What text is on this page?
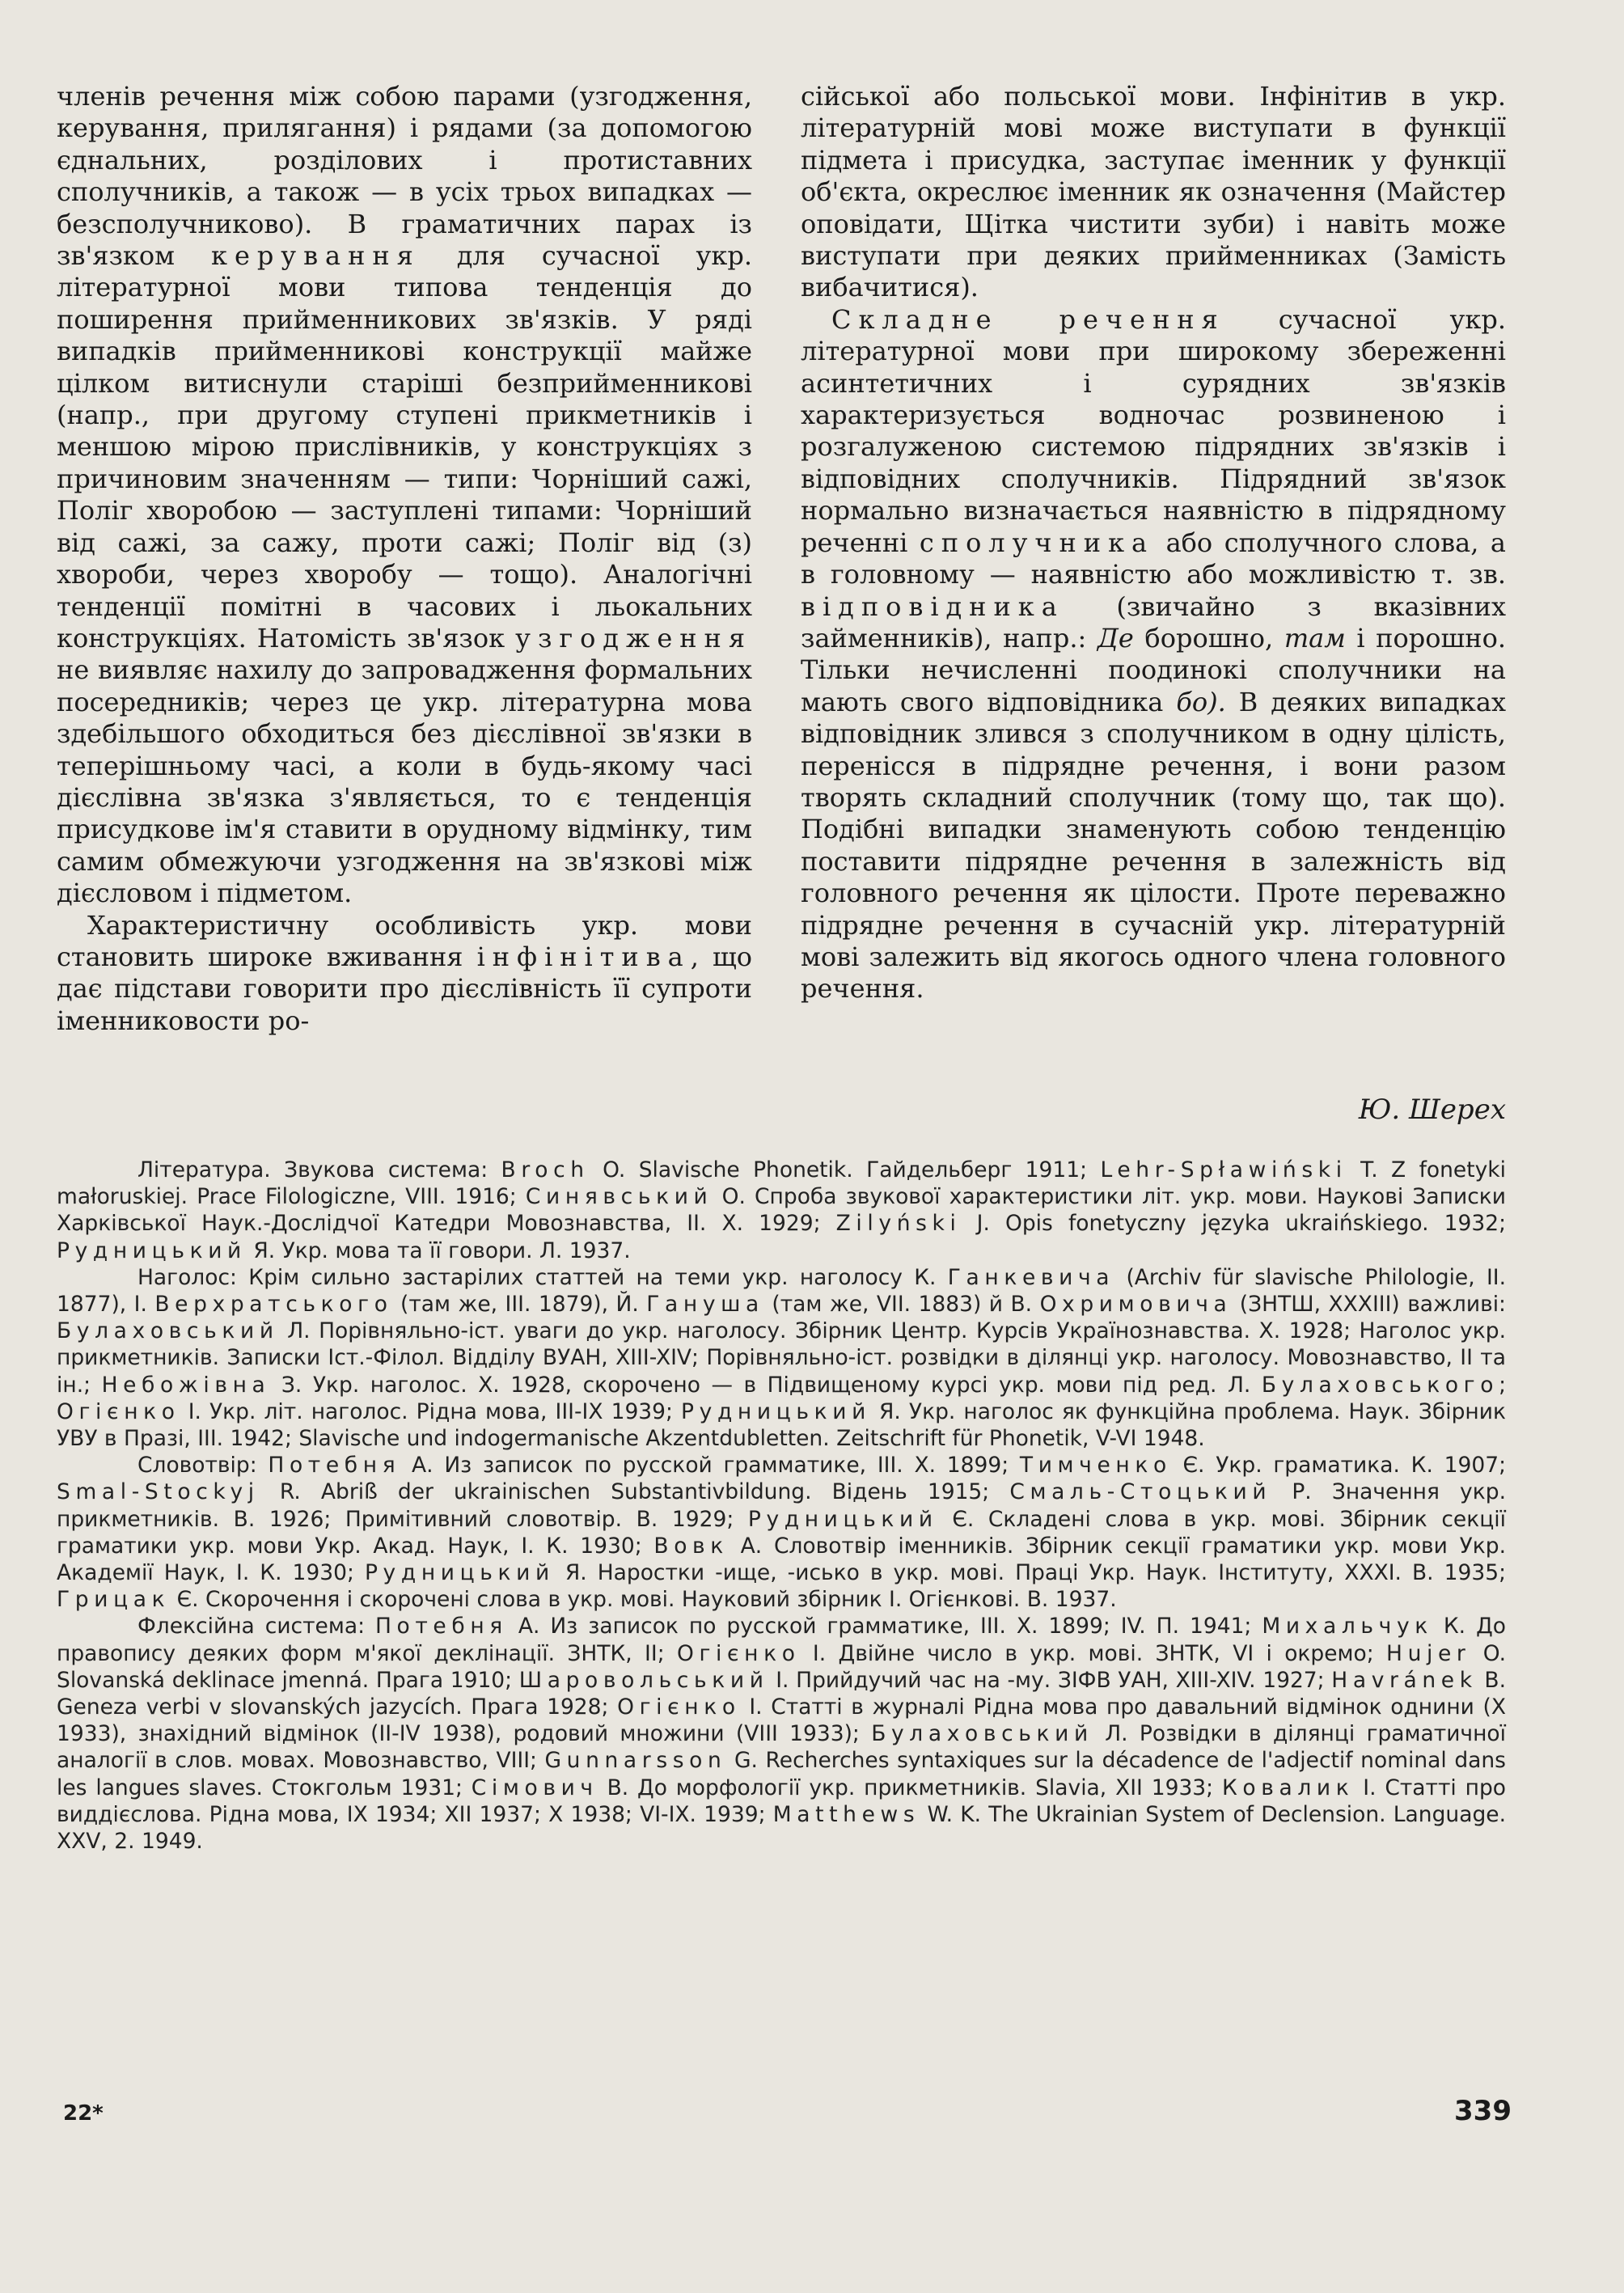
членів речення між собою парами (узгодження, керування, прилягання) і рядами (за допомогою єднальних, розділових і протиставних сполучників, а також — в усіх трьох випадках — безсполучниково). В граматичних парах із зв'язком керування для сучасної укр. літературної мови типова тенденція до поширення прийменникових зв'язків. У ряді випадків прийменникові конструкції майже цілком витиснули старіші безприйменникові (напр., при другому ступені прикметників і меншою мірою прислівників, у конструкціях з причиновим значенням — типи: Чорніший сажі, Поліг хворобою — заступлені типами: Чорніший від сажі, за сажу, проти сажі; Поліг від (з) хвороби, через хворобу — тощо). Аналогічні тенденції помітні в часових і льокальних конструкціях. Натомість зв'язок узгодження не виявляє нахилу до запровадження формальних посередників; через це укр. літературна мова здебільшого обходиться без дієслівної зв'язки в теперішньому часі, а коли в будь-якому часі дієслівна зв'язка з'являється, то є тенденція присудкове ім'я ставити в орудному відмінку, тим самим обмежуючи узгодження на зв'язкові між дієсловом і підметом.

Характеристичну особливість укр. мови становить широке вживання інфінітива, що дає підстави говорити про дієслівність її супроти іменниковости ро-

сійської або польської мови. Інфінітив в укр. літературній мові може виступати в функції підмета і присудка, заступає іменник у функції об'єкта, окреслює іменник як означення (Майстер оповідати, Щітка чистити зуби) і навіть може виступати при деяких прийменниках (Замість вибачитися).

Складне речення сучасної укр. літературної мови при широкому збереженні асинтетичних і сурядних зв'язків характеризується водночас розвиненою і розгалуженою системою підрядних зв'язків і відповідних сполучників. Підрядний зв'язок нормально визначається наявністю в підрядному реченні сполучника або сполучного слова, а в головному — наявністю або можливістю т. зв. відповідника (звичайно з вказівних займенників), напр.: Де борошно, там і порошно. Тільки нечисленні поодинокі сполучники на мають свого відповідника бо). В деяких випадках відповідник злився з сполучником в одну цілість, перенісся в підрядне речення, і вони разом творять складний сполучник (тому що, так що). Подібні випадки знаменують собою тенденцію поставити підрядне речення в залежність від головного речення як цілости. Проте переважно підрядне речення в сучасній укр. літературній мові залежить від якогось одного члена головного речення.

Ю. Шерех

Література. Звукова система: Broch O. Slavische Phonetik. Гайдельберг 1911; Lehr-Spławiński T. Z fonetyki małoruskiej. Prace Filologiczne, VIII. 1916; Синявський О. Спроба звукової характеристики літ. укр. мови. Наукові Записки Харківської Наук.-Дослідчої Катедри Мовознавства, II. Х. 1929; Zilyński J. Opis fonetyczny języka ukraińskiego. 1932; Рудницький Я. Укр. мова та її говори. Л. 1937.

Наголос: Крім сильно застарілих статтей на теми укр. наголосу К. Ганкевича (Archiv für slavische Philologie, II. 1877), І. Верхратського (там же, III. 1879), Й. Гануша (там же, VII. 1883) й В. Охримовича (ЗНТШ, XXXIII) важливі: Булаховський Л. Порівняльно-іст. уваги до укр. наголосу. Збірник Центр. Курсів Українознавства. Х. 1928; Наголос укр. прикметників. Записки Іст.-Філол. Відділу ВУАН, XIII-XIV; Порівняльно-іст. розвідки в ділянці укр. наголосу. Мовознавство, II та ін.; Небожівна З. Укр. наголос. Х. 1928, скорочено — в Підвищеному курсі укр. мови під ред. Л. Булаховського; Огієнко І. Укр. літ. наголос. Рідна мова, III-IX 1939; Рудницький Я. Укр. наголос як функційна проблема. Наук. Збірник УВУ в Празі, III. 1942; Slavische und indogermanische Akzentdubletten. Zeitschrift für Phonetik, V-VI 1948.

Словотвір: Потебня А. Из записок по русской грамматике, III. Х. 1899; Тимченко Є. Укр. граматика. К. 1907; Smal-Stockyj R. Abriß der ukrainischen Substantivbildung. Відень 1915; Смаль-Стоцький Р. Значення укр. прикметників. В. 1926; Примітивний словотвір. В. 1929; Рудницький Є. Складені слова в укр. мові. Збірник секції граматики укр. мови Укр. Акад. Наук, I. К. 1930; Вовк А. Словотвір іменників. Збірник секції граматики укр. мови Укр. Академії Наук, I. К. 1930; Рудницький Я. Наростки -ище, -исько в укр. мові. Праці Укр. Наук. Інституту, XXXI. В. 1935; Грицак Є. Скорочення і скорочені слова в укр. мові. Науковий збірник І. Огієнкові. В. 1937.

Флексійна система: Потебня А. Из записок по русской грамматике, III. Х. 1899; IV. П. 1941; Михальчук К. До правопису деяких форм м'якої деклінації. ЗНТК, II; Огієнко І. Двійне число в укр. мові. ЗНТК, VI і окремо; Hujer O. Slovanská deklinace jmenná. Прага 1910; Шаровольський І. Прийдучий час на -му. ЗІФВ УАН, XIII-XIV. 1927; Havránek B. Geneza verbi v slovanských jazycích. Прага 1928; Огієнко І. Статті в журналі Рідна мова про давальний відмінок однини (X 1933), знахідний відмінок (II-IV 1938), родовий множини (VIII 1933); Булаховський Л. Розвідки в ділянці граматичної аналогії в слов. мовах. Мовознавство, VIII; Gunnarsson G. Recherches syntaxiques sur la décadence de l'adjectif nominal dans les langues slaves. Стокгольм 1931; Сімович В. До морфології укр. прикметників. Slavia, XII 1933; Ковалик І. Статті про виддієслова. Рідна мова, IX 1934; XII 1937; X 1938; VI-IX. 1939; Matthews W. K. The Ukrainian System of Declension. Language. XXV, 2. 1949.

22*	339
